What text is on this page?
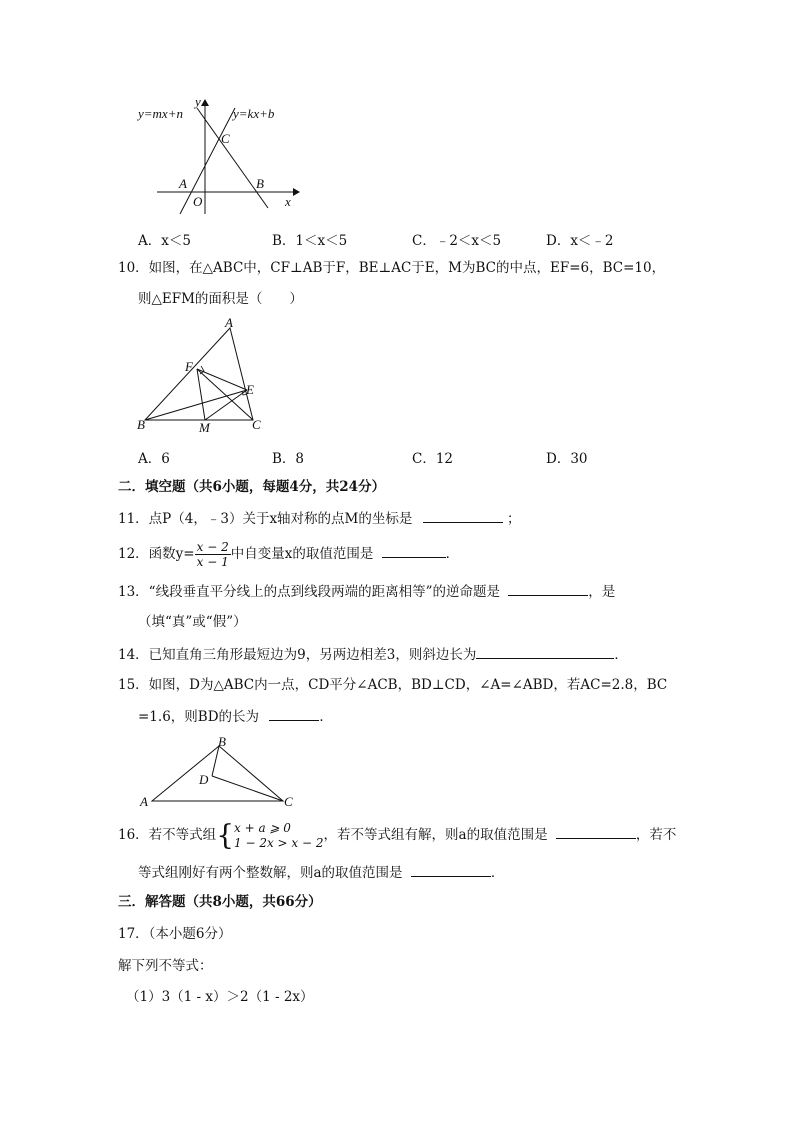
y=mx+n	y=kx+b
y
x
C
A	B
O
A．x＜5	B．1＜x＜5	C．﹣2＜x＜5	D．x＜﹣2
10．如图，在△ABC中，CF⊥AB于F，BE⊥AC于E，M为BC的中点，EF=6，BC=10，
则△EFM的面积是（　　）
A
F
E
B	M	C
A．6	B．8	C．12	D．30
二．填空题（共6小题，每题4分，共24分）
11．点P（4，﹣3）关于x轴对称的点M的坐标是	；
12．函数$y= \frac{x - 2}{x - 1}$ 中自变量x的取值范围是	．
13．“线段垂直平分线上的点到线段两端的距离相等”的逆命题是	，是
（填“真”或“假”）
14．已知直角三角形最短边为9，另两边相差3，则斜边长为	．
15．如图，D为△ABC内一点，CD平分∠ACB，BD⊥CD，∠A=∠ABD，若AC=2.8，BC
=1.6，则BD的长为	．
B
D
A	C
16．若不等式组{ x + a ⩾ 0
1 − 2x > x − 2 ，若不等式组有解，则a的取值范围是	，若不
等式组刚好有两个整数解，则a的取值范围是	．
三．解答题（共8小题，共66分）
17．（本小题6分）
解下列不等式：
（1）3（1 - x）＞2（1 - 2x）
